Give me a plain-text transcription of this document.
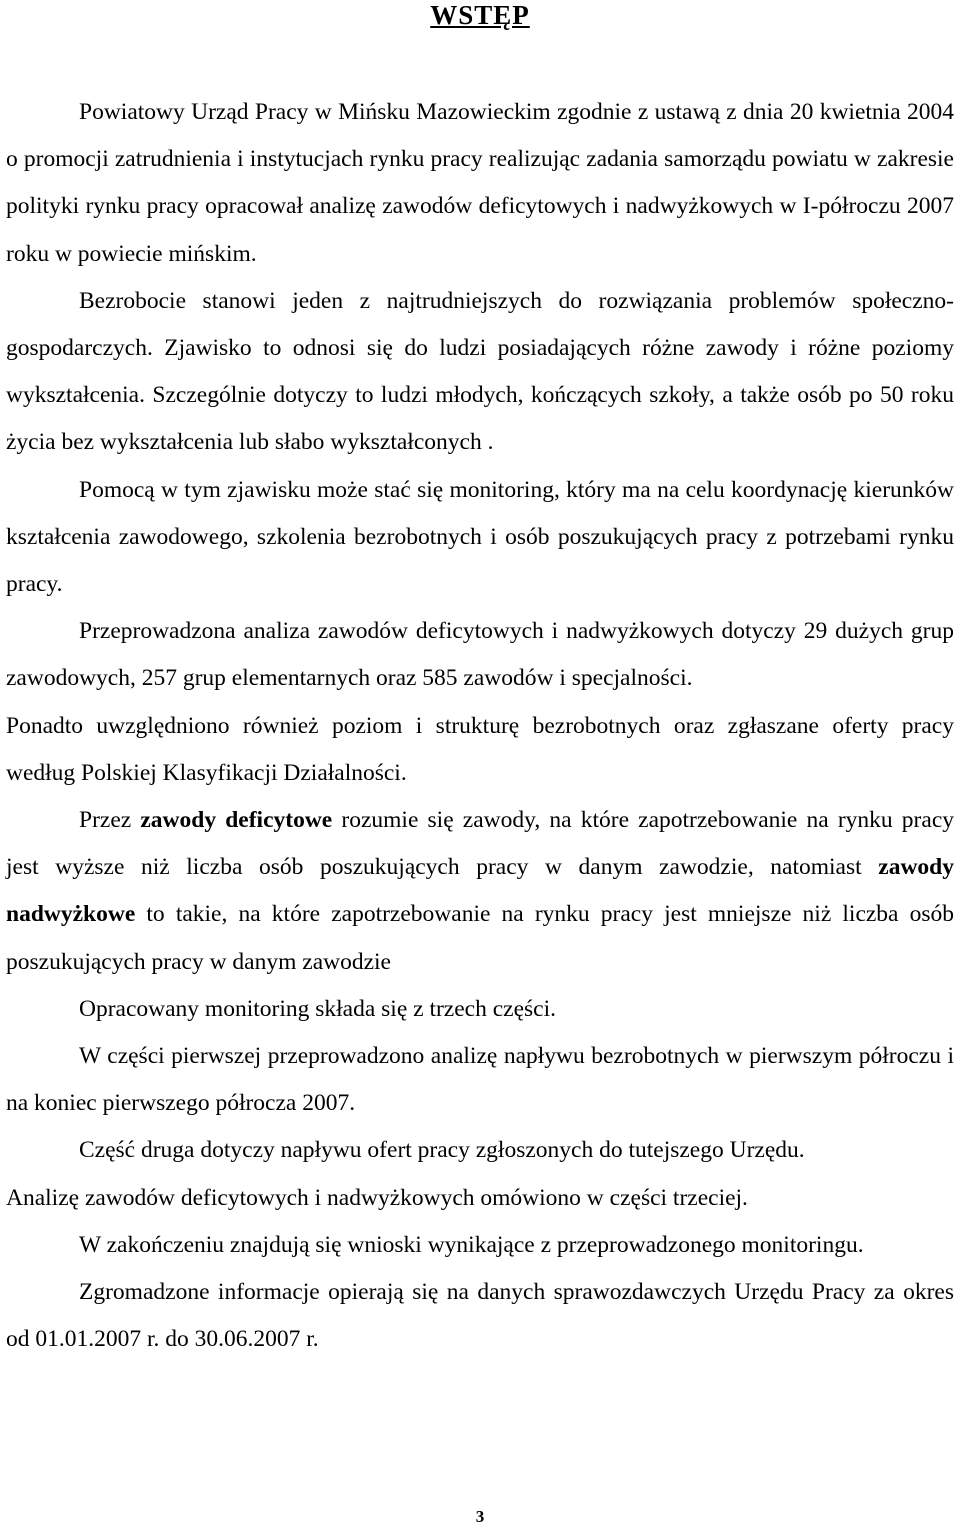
WSTĘP

Powiatowy Urząd Pracy w Mińsku Mazowieckim zgodnie z ustawą z dnia 20 kwietnia 2004 o promocji zatrudnienia i instytucjach rynku pracy realizując zadania samorządu powiatu w zakresie polityki rynku pracy opracował analizę zawodów deficytowych i nadwyżkowych w I-półroczu 2007 roku w powiecie mińskim.

Bezrobocie stanowi jeden z najtrudniejszych do rozwiązania problemów społeczno-gospodarczych. Zjawisko to odnosi się do ludzi posiadających różne zawody i różne poziomy wykształcenia. Szczególnie dotyczy to ludzi młodych, kończących szkoły, a także osób po 50 roku życia bez wykształcenia lub słabo wykształconych .

Pomocą w tym zjawisku może stać się monitoring, który ma na celu koordynację kierunków kształcenia zawodowego, szkolenia bezrobotnych i osób poszukujących pracy z potrzebami rynku pracy.

Przeprowadzona analiza zawodów deficytowych i nadwyżkowych dotyczy 29 dużych grup zawodowych, 257 grup elementarnych oraz 585 zawodów i specjalności.

Ponadto uwzględniono również poziom i strukturę bezrobotnych oraz zgłaszane oferty pracy według Polskiej Klasyfikacji Działalności.

Przez zawody deficytowe rozumie się zawody, na które zapotrzebowanie na rynku pracy jest wyższe niż liczba osób poszukujących pracy w danym zawodzie, natomiast zawody nadwyżkowe to takie, na które zapotrzebowanie na rynku pracy jest mniejsze niż liczba osób poszukujących pracy w danym zawodzie

Opracowany monitoring składa się z trzech części.

W części pierwszej przeprowadzono analizę napływu bezrobotnych w pierwszym półroczu i na koniec pierwszego półrocza 2007.

Część druga dotyczy napływu ofert pracy zgłoszonych do tutejszego Urzędu.

Analizę zawodów deficytowych i nadwyżkowych omówiono w części trzeciej.

W zakończeniu znajdują się wnioski wynikające z przeprowadzonego monitoringu.

Zgromadzone informacje opierają się na danych sprawozdawczych Urzędu Pracy za okres od 01.01.2007 r. do 30.06.2007 r.

3
